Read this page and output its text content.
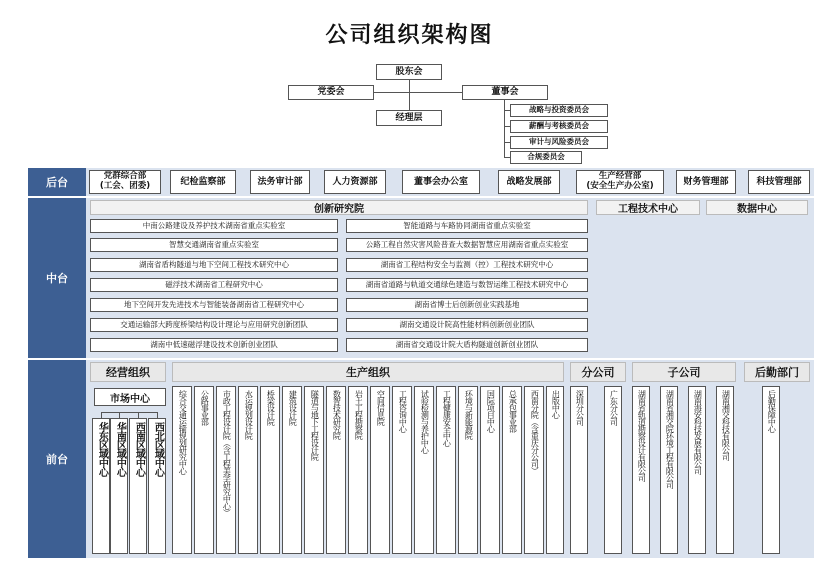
公司组织架构图
股东会
党委会	董事会
经理层
战略与投资委员会
薪酬与考核委员会
审计与风险委员会
合规委员会
后台	党群综合部
(工会、团委)	纪检监察部	法务审计部	人力资源部	董事会办公室	战略发展部
生产经营部
(安全生产办公室)	财务管理部	科技管理部
中台
创新研究院	工程技术中心	数据中心
中南公路建设及养护技术湖南省重点实验室
智慧交通湖南省重点实验室
湖南省盾构隧道与地下空间工程技术研究中心
磁浮技术湖南省工程研究中心
地下空间开发先进技术与智能装备湖南省工程研究中心
交通运输部大跨度桥梁结构设计理论与应用研究创新团队
湖南中低速磁浮建设技术创新创业团队
智能道路与车路协同湖南省重点实验室
公路工程自然灾害风险普查大数据智慧应用湖南省重点实验室
湖南省工程结构安全与监测（控）工程技术研究中心
湖南省道路与轨道交通绿色建造与数智运维工程技术研究中心
湖南省博士后创新创业实践基地
湖南交通设计院高性能材料创新创业团队
湖南省交通设计院大盾构隧道创新创业团队
前台
经营组织
市场中心
华东区域中心 华南区域中心 西南区域中心 西北区域中心
生产组织
综合交通运输规划研究中心 公路事业部 市政工程设计院（含工程美学研究中心） 水运规划设计院 桥梁设计院 建筑设计院 隧道与地下工程设计院 数智技术研究院 岩土工程勘察院 空间信息院 工程咨询中心 试验检测与养护中心 工程健康安全中心 环境与新能源院 国际项目中心 总承包事业部 西南分院（含重庆分公司） 出版中心
分公司
深圳分公司	广东分公司
子公司
湖南省轨道勘察设计有限公司 湖南省湘交院环境工程有限公司 湖南海安科技发展有限公司 湖南湘交科技有限公司
后勤部门
后勤保障中心
